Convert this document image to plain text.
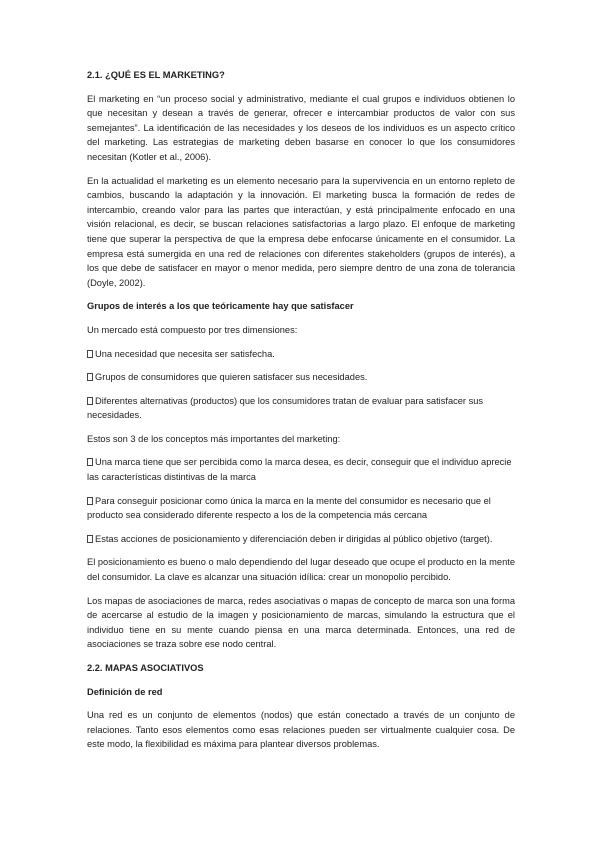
2.1. ¿QUÉ ES EL MARKETING?
El marketing en “un proceso social y administrativo, mediante el cual grupos e individuos obtienen lo que necesitan y desean a través de generar, ofrecer e intercambiar productos de valor con sus semejantes”. La identificación de las necesidades y los deseos de los individuos es un aspecto crítico del marketing. Las estrategias de marketing deben basarse en conocer lo que los consumidores necesitan (Kotler et al., 2006).
En la actualidad el marketing es un elemento necesario para la supervivencia en un entorno repleto de cambios, buscando la adaptación y la innovación. El marketing busca la formación de redes de intercambio, creando valor para las partes que interactúan, y está principalmente enfocado en una visión relacional, es decir, se buscan relaciones satisfactorias a largo plazo. El enfoque de marketing tiene que superar la perspectiva de que la empresa debe enfocarse únicamente en el consumidor. La empresa está sumergida en una red de relaciones con diferentes stakeholders (grupos de interés), a los que debe de satisfacer en mayor o menor medida, pero siempre dentro de una zona de tolerancia (Doyle, 2002).
Grupos de interés a los que teóricamente hay que satisfacer
Un mercado está compuesto por tres dimensiones:
Una necesidad que necesita ser satisfecha.
Grupos de consumidores que quieren satisfacer sus necesidades.
Diferentes alternativas (productos) que los consumidores tratan de evaluar para satisfacer sus necesidades.
Estos son 3 de los conceptos más importantes del marketing:
Una marca tiene que ser percibida como la marca desea, es decir, conseguir que el individuo aprecie las características distintivas de la marca
Para conseguir posicionar como única la marca en la mente del consumidor es necesario que el producto sea considerado diferente respecto a los de la competencia más cercana
Estas acciones de posicionamiento y diferenciación deben ir dirigidas al público objetivo (target).
El posicionamiento es bueno o malo dependiendo del lugar deseado que ocupe el producto en la mente del consumidor. La clave es alcanzar una situación idílica: crear un monopolio percibido.
Los mapas de asociaciones de marca, redes asociativas o mapas de concepto de marca son una forma de acercarse al estudio de la imagen y posicionamiento de marcas, simulando la estructura que el individuo tiene en su mente cuando piensa en una marca determinada. Entonces, una red de asociaciones se traza sobre ese nodo central.
2.2. MAPAS ASOCIATIVOS
Definición de red
Una red es un conjunto de elementos (nodos) que están conectado a través de un conjunto de relaciones. Tanto esos elementos como esas relaciones pueden ser virtualmente cualquier cosa. De este modo, la flexibilidad es máxima para plantear diversos problemas.
